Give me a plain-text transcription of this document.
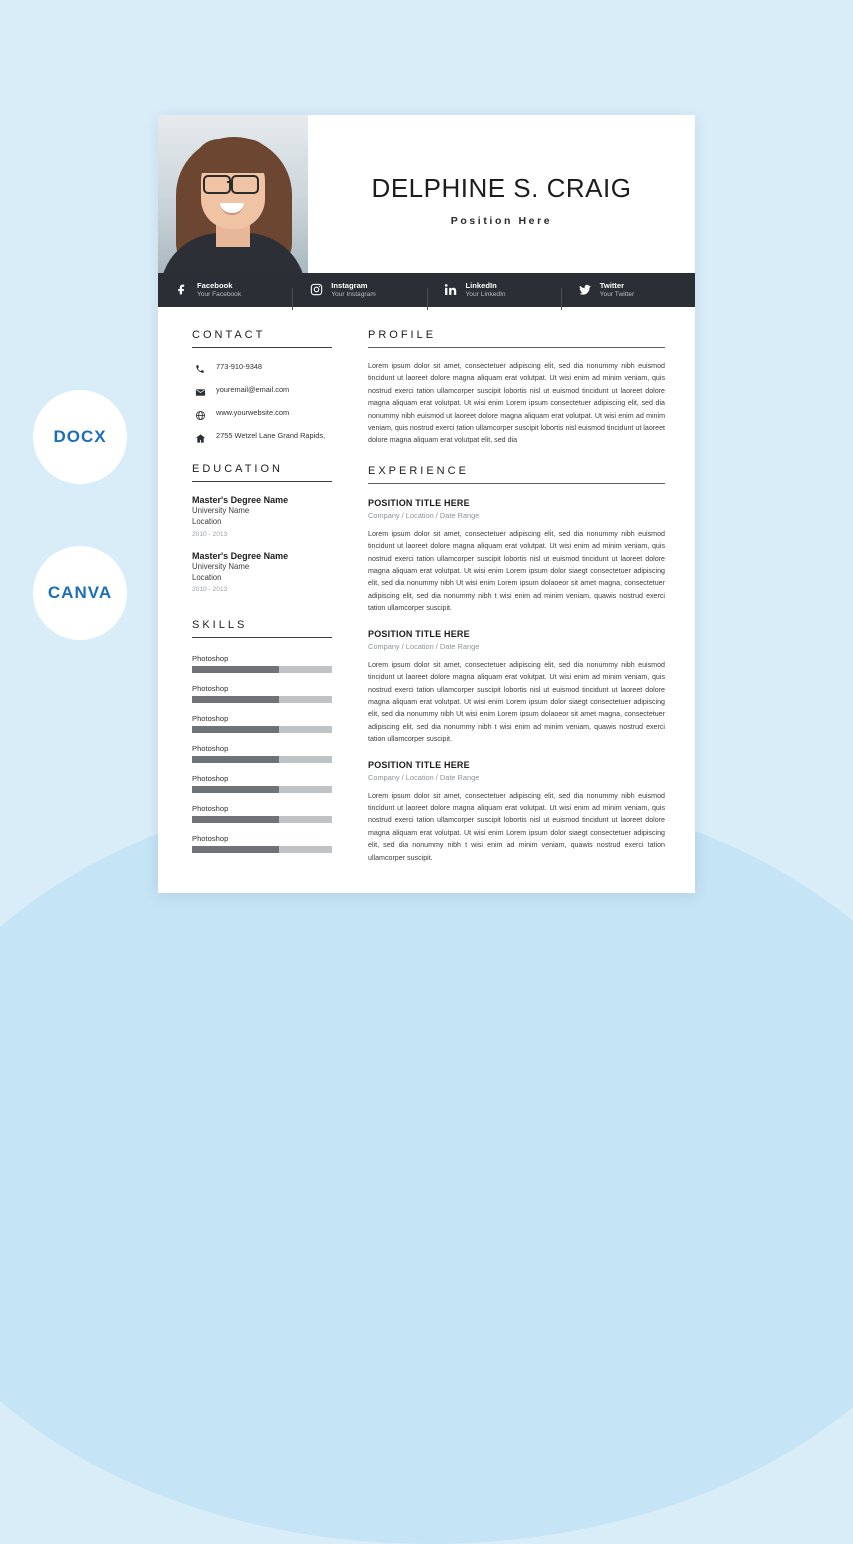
DOCX
CANVA
DELPHINE S. CRAIG
Position Here
Facebook
Your Facebook
Instagram
Your Instagram
LinkedIn
Your LinkedIn
Twitter
Your Twitter
CONTACT
773-910-9348
youremail@email.com
www.yourwebsite.com
2755 Wetzel Lane Grand Rapids,
EDUCATION
Master's Degree Name
University Name
Location
2010 - 2013
Master's Degree Name
University Name
Location
2010 - 2013
SKILLS
Photoshop
Photoshop
Photoshop
Photoshop
Photoshop
Photoshop
Photoshop
PROFILE
Lorem ipsum dolor sit amet, consectetuer adipiscing elit, sed dia nonummy nibh euismod tincidunt ut laoreet dolore magna aliquam erat volutpat. Ut wisi enim ad minim veniam, quis nostrud exerci tation ullamcorper suscipit lobortis nisl ut euismod tincidunt ut laoreet dolore magna aliquam erat volutpat. Ut wisi enim Lorem ipsum consectetuer adipiscing elit, sed dia nonummy nibh euismod ut laoreet dolore magna aliquam erat volutpat. Ut wisi enim ad minim veniam, quis nostrud exerci tation ullamcorper suscipit lobortis nisl euismod tincidunt ut laoreet dolore magna aliquam erat volutpat elit, sed dia
EXPERIENCE
POSITION TITLE HERE
Company / Location / Date Range
Lorem ipsum dolor sit amet, consectetuer adipiscing elit, sed dia nonummy nibh euismod tincidunt ut laoreet dolore magna aliquam erat volutpat. Ut wisi enim ad minim veniam, quis nostrud exerci tation ullamcorper suscipit lobortis nisl ut euismod tincidunt ut laoreet dolore magna aliquam erat volutpat. Ut wisi enim Lorem ipsum dolor siaegt consectetuer adipiscing elit, sed dia nonummy nibh Ut wisi enim Lorem ipsum dolaoeor sit amet magna, consectetuer adipiscing elit, sed dia nonummy nibh t wisi enim ad minim veniam, quawis nostrud exerci tation ullamcorper suscipit.
POSITION TITLE HERE
Company / Location / Date Range
Lorem ipsum dolor sit amet, consectetuer adipiscing elit, sed dia nonummy nibh euismod tincidunt ut laoreet dolore magna aliquam erat volutpat. Ut wisi enim ad minim veniam, quis nostrud exerci tation ullamcorper suscipit lobortis nisl ut euismod tincidunt ut laoreet dolore magna aliquam erat volutpat. Ut wisi enim Lorem ipsum dolor siaegt consectetuer adipiscing elit, sed dia nonummy nibh Ut wisi enim Lorem ipsum dolaoeor sit amet magna, consectetuer adipiscing elit, sed dia nonummy nibh t wisi enim ad minim veniam, quawis nostrud exerci tation ullamcorper suscipit.
POSITION TITLE HERE
Company / Location / Date Range
Lorem ipsum dolor sit amet, consectetuer adipiscing elit, sed dia nonummy nibh euismod tincidunt ut laoreet dolore magna aliquam erat volutpat. Ut wisi enim ad minim veniam, quis nostrud exerci tation ullamcorper suscipit lobortis nisl ut euismod tincidunt ut laoreet dolore magna aliquam erat volutpat. Ut wisi enim Lorem ipsum dolor siaegt consectetuer adipiscing elit, sed dia nonummy nibh t wisi enim ad minim veniam, quawis nostrud exerci tation ullamcorper suscipit.
